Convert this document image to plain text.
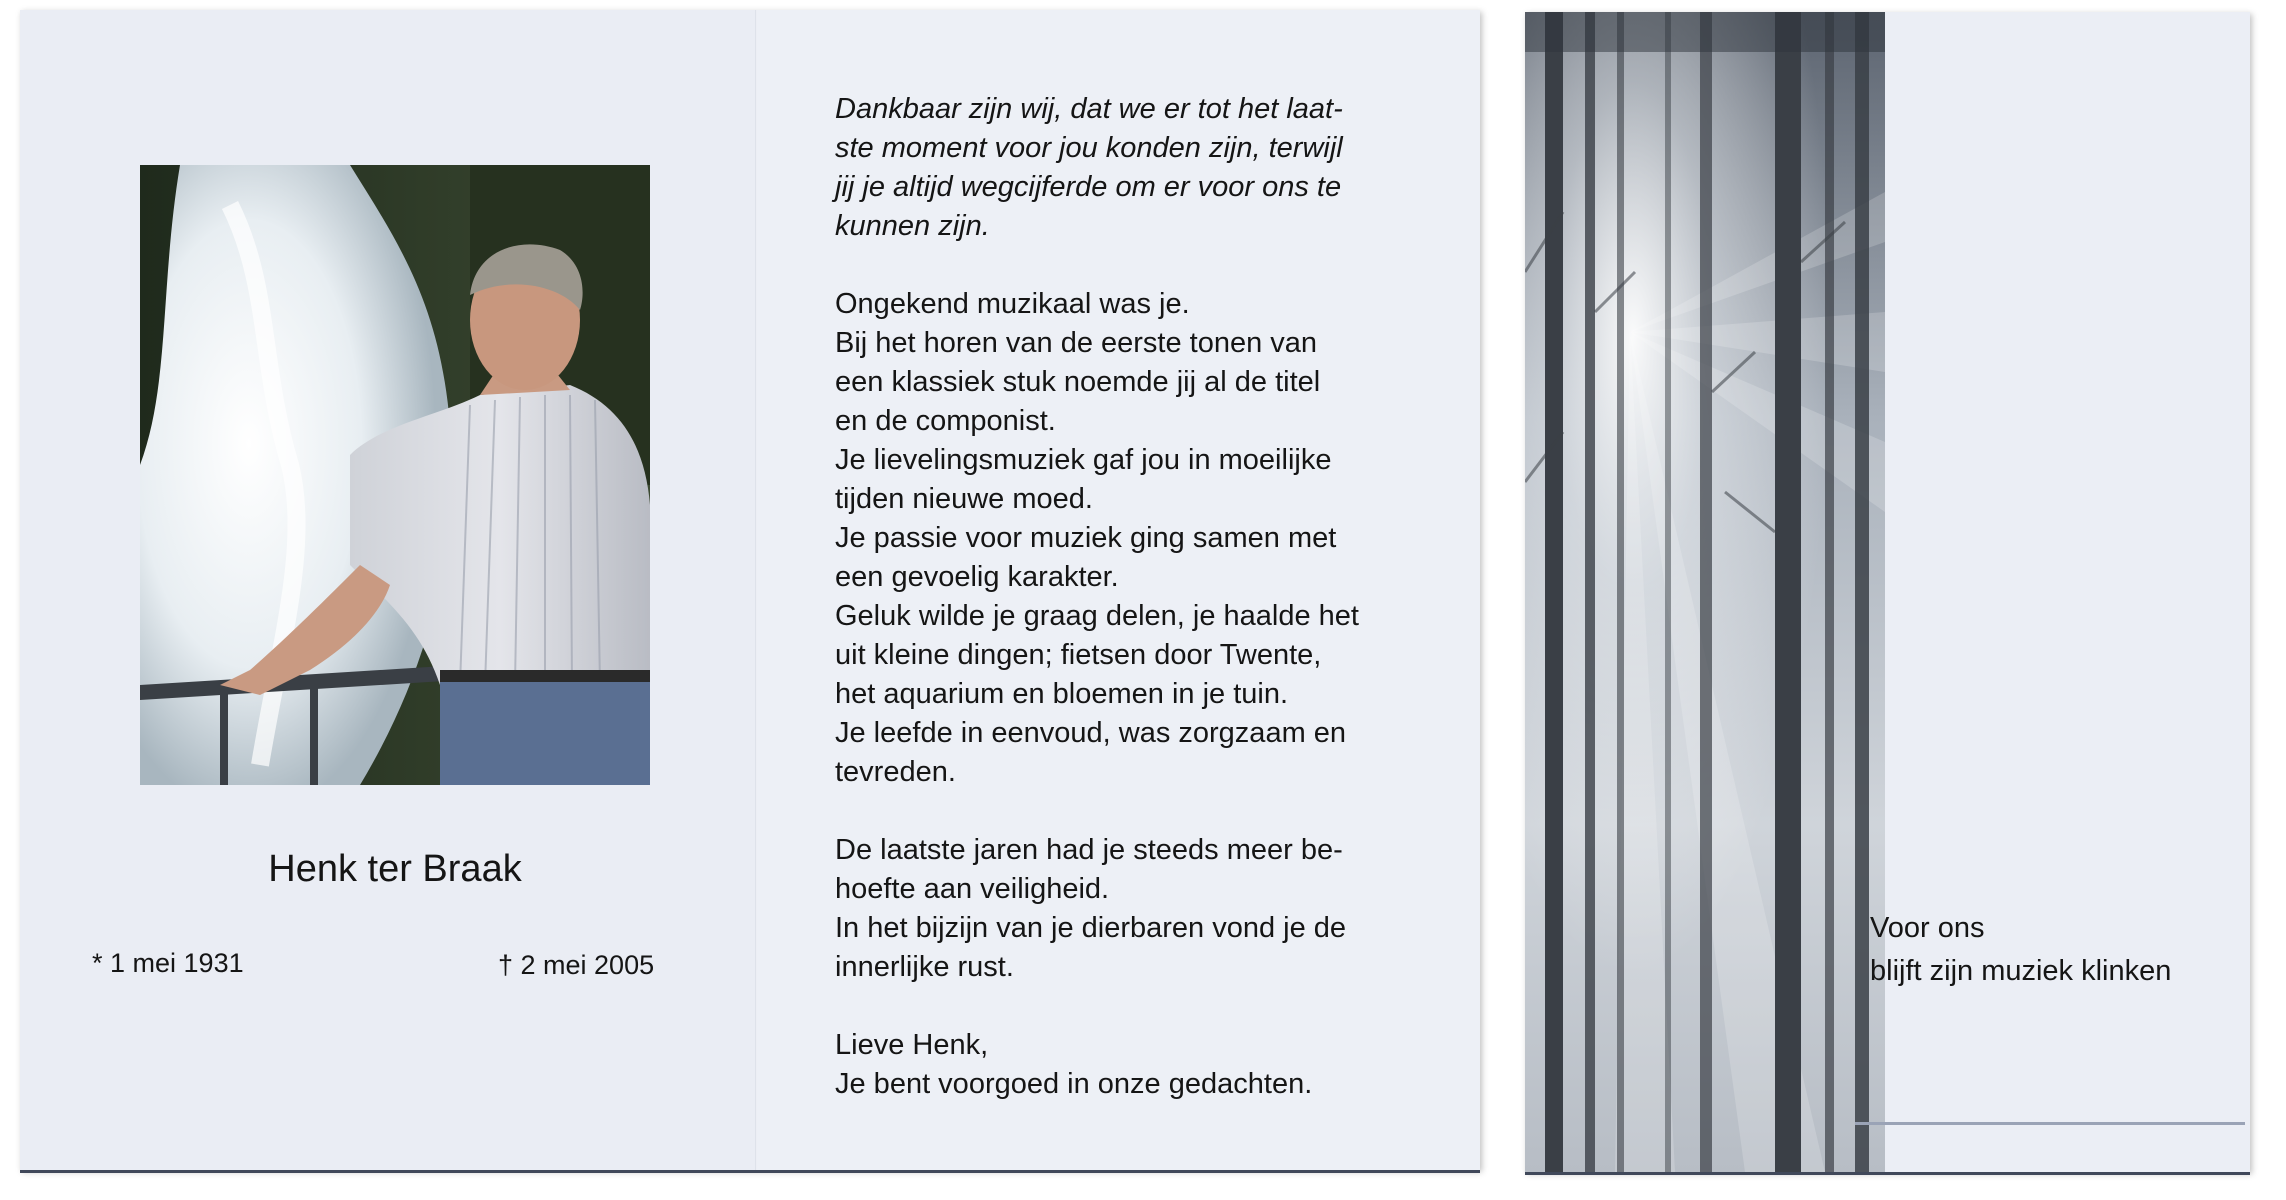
Henk ter Braak
* 1 mei 1931	† 2 mei 2005

Dankbaar zijn wij, dat we er tot het laat-
ste moment voor jou konden zijn, terwijl
jij je altijd wegcijferde om er voor ons te
kunnen zijn.

Ongekend muzikaal was je.
Bij het horen van de eerste tonen van
een klassiek stuk noemde jij al de titel
en de componist.
Je lievelingsmuziek gaf jou in moeilijke
tijden nieuwe moed.
Je passie voor muziek ging samen met
een gevoelig karakter.
Geluk wilde je graag delen, je haalde het
uit kleine dingen; fietsen door Twente,
het aquarium en bloemen in je tuin.
Je leefde in eenvoud, was zorgzaam en
tevreden.

De laatste jaren had je steeds meer be-
hoefte aan veiligheid.
In het bijzijn van je dierbaren vond je de
innerlijke rust.

Lieve Henk,
Je bent voorgoed in onze gedachten.

Voor ons
blijft zijn muziek klinken
